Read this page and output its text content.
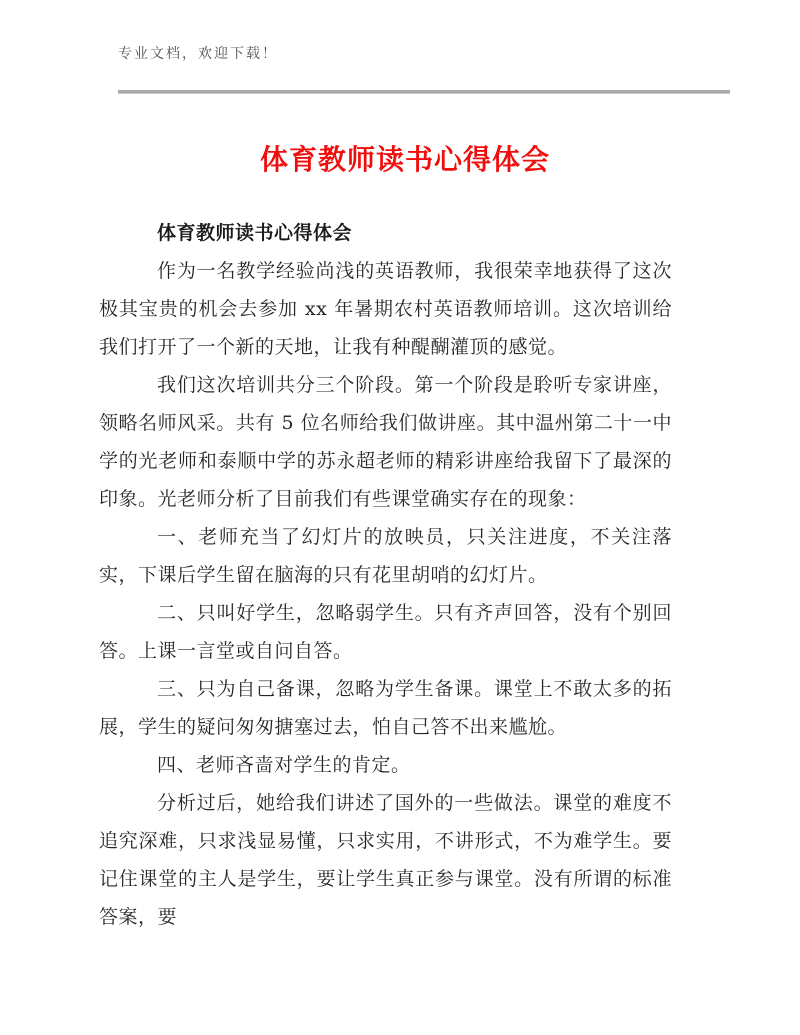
专业文档，欢迎下载！
体育教师读书心得体会

体育教师读书心得体会

作为一名教学经验尚浅的英语教师，我很荣幸地获得了这次极其宝贵的机会去参加 xx 年暑期农村英语教师培训。这次培训给我们打开了一个新的天地，让我有种醍醐灌顶的感觉。

我们这次培训共分三个阶段。第一个阶段是聆听专家讲座，领略名师风采。共有 5 位名师给我们做讲座。其中温州第二十一中学的光老师和泰顺中学的苏永超老师的精彩讲座给我留下了最深的印象。光老师分析了目前我们有些课堂确实存在的现象：

一、老师充当了幻灯片的放映员，只关注进度，不关注落实，下课后学生留在脑海的只有花里胡哨的幻灯片。

二、只叫好学生，忽略弱学生。只有齐声回答，没有个别回答。上课一言堂或自问自答。

三、只为自己备课，忽略为学生备课。课堂上不敢太多的拓展，学生的疑问匆匆搪塞过去，怕自己答不出来尴尬。

四、老师吝啬对学生的肯定。

分析过后，她给我们讲述了国外的一些做法。课堂的难度不追究深难，只求浅显易懂，只求实用，不讲形式，不为难学生。要记住课堂的主人是学生，要让学生真正参与课堂。没有所谓的标准答案，要
